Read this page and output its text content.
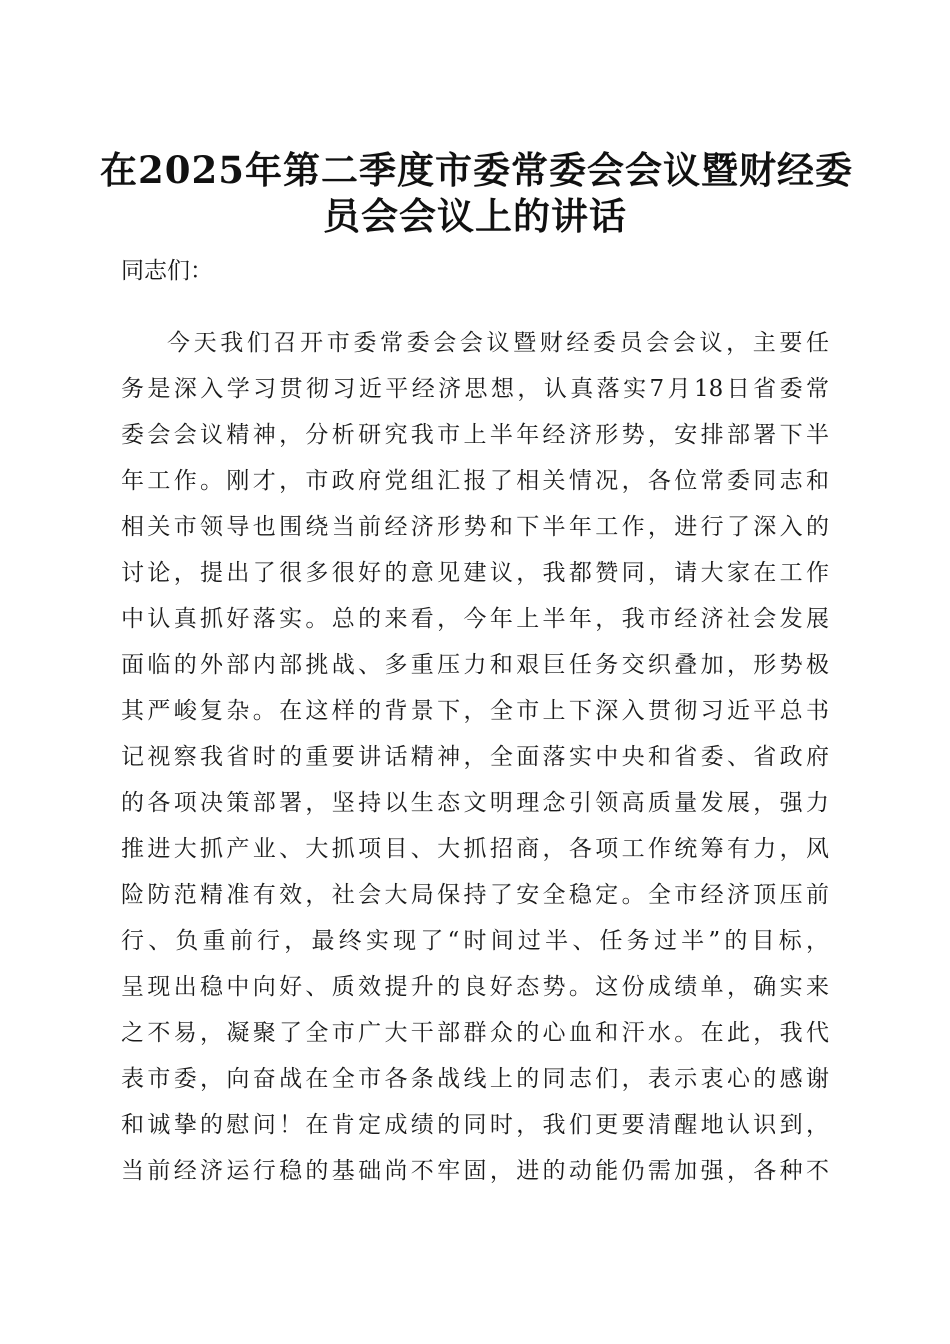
在2025年第二季度市委常委会会议暨财经委
员会会议上的讲话
同志们：
今天我们召开市委常委会会议暨财经委员会会议，主要任
务是深入学习贯彻习近平经济思想，认真落实7月18日省委常
委会会议精神，分析研究我市上半年经济形势，安排部署下半
年工作。刚才，市政府党组汇报了相关情况，各位常委同志和
相关市领导也围绕当前经济形势和下半年工作，进行了深入的
讨论，提出了很多很好的意见建议，我都赞同，请大家在工作
中认真抓好落实。总的来看，今年上半年，我市经济社会发展
面临的外部内部挑战、多重压力和艰巨任务交织叠加，形势极
其严峻复杂。在这样的背景下，全市上下深入贯彻习近平总书
记视察我省时的重要讲话精神，全面落实中央和省委、省政府
的各项决策部署，坚持以生态文明理念引领高质量发展，强力
推进大抓产业、大抓项目、大抓招商，各项工作统筹有力，风
险防范精准有效，社会大局保持了安全稳定。全市经济顶压前
行、负重前行，最终实现了“时间过半、任务过半”的目标，
呈现出稳中向好、质效提升的良好态势。这份成绩单，确实来
之不易，凝聚了全市广大干部群众的心血和汗水。在此，我代
表市委，向奋战在全市各条战线上的同志们，表示衷心的感谢
和诚挚的慰问！在肯定成绩的同时，我们更要清醒地认识到，
当前经济运行稳的基础尚不牢固，进的动能仍需加强，各种不
